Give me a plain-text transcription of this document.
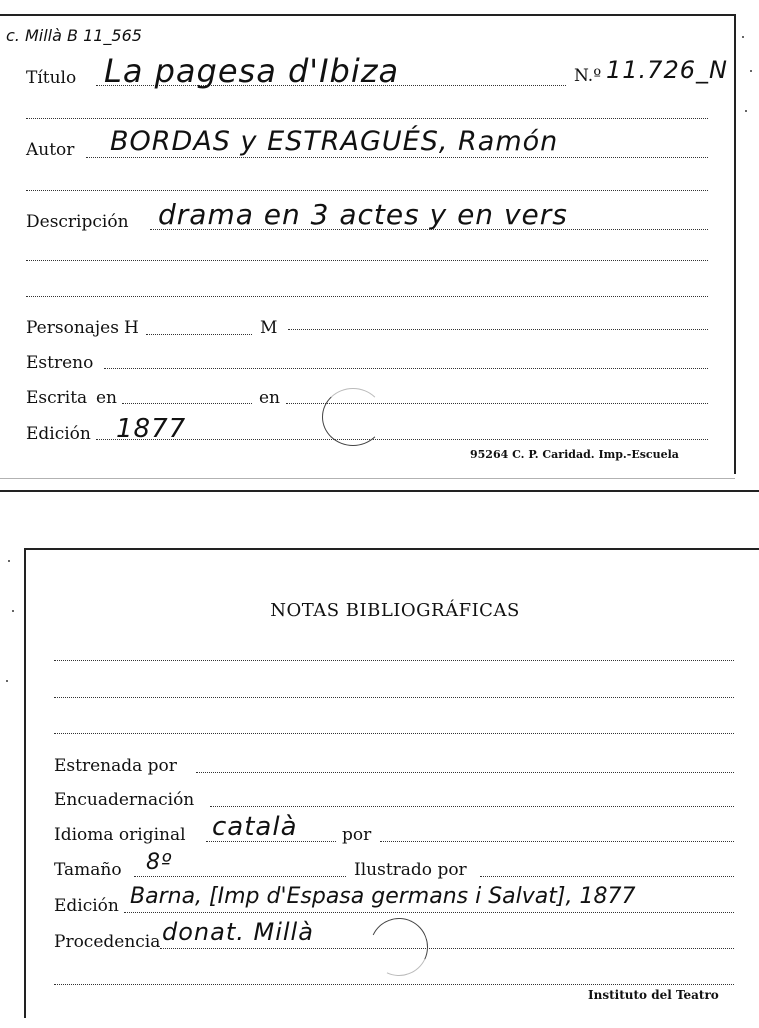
c. Millà B 11_565
Título La pagesa d'Ibiza	N.º 11.726_N
Autor BORDAS y ESTRAGUÉS, Ramón
Descripción drama en 3 actes y en vers
Personajes H	M
Estreno
Escrita en	en
Edición 1877
95264 C. P. Caridad. Imp.-Escuela
NOTAS BIBLIOGRÁFICAS
Estrenada por
Encuadernación
Idioma original català	por
Tamaño 8º	Ilustrado por
Edición Barna, [Imp d'Espasa germans i Salvat], 1877
Procedencia donat. Millà
Instituto del Teatro
